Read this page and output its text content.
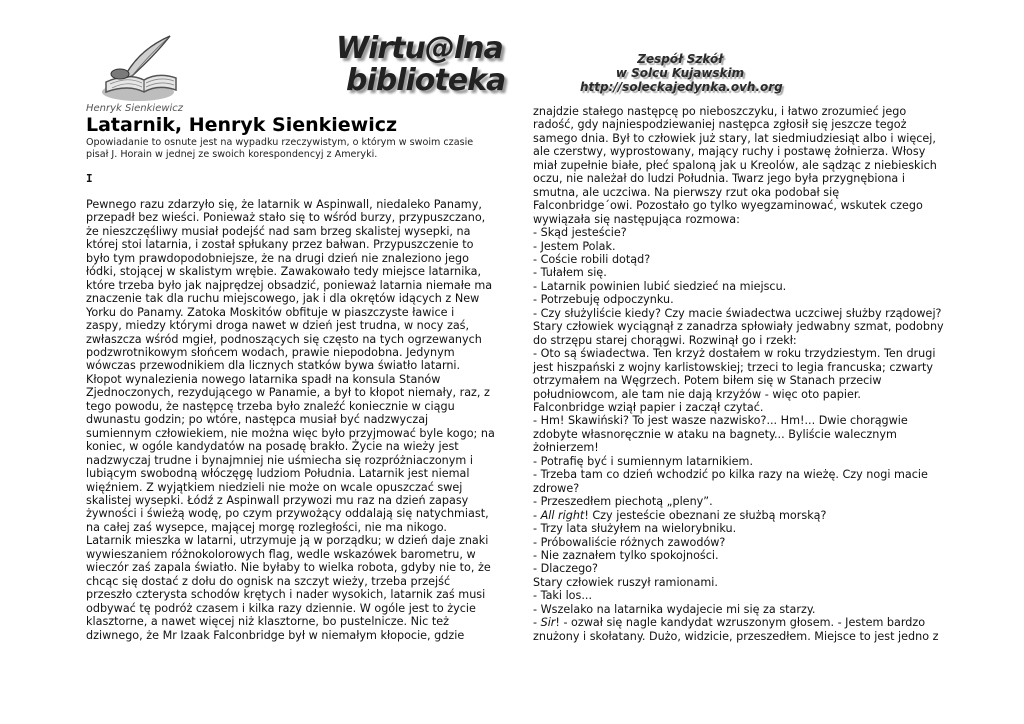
Wirtu@lna
biblioteka
Zespół Szkół
w Solcu Kujawskim
http://soleckajedynka.ovh.org
Henryk Sienkiewicz
Latarnik, Henryk Sienkiewicz
Opowiadanie to osnute jest na wypadku rzeczywistym, o którym w swoim czasie pisał J. Horain w jednej ze swoich korespondencyj z Ameryki.
I
Pewnego razu zdarzyło się, że latarnik w Aspinwall, niedaleko Panamy,
przepadł bez wieści. Ponieważ stało się to wśród burzy, przypuszczano,
że nieszczęśliwy musiał podejść nad sam brzeg skalistej wysepki, na
której stoi latarnia, i został spłukany przez bałwan. Przypuszczenie to
było tym prawdopodobniejsze, że na drugi dzień nie znaleziono jego
łódki, stojącej w skalistym wrębie. Zawakowało tedy miejsce latarnika,
które trzeba było jak najprędzej obsadzić, ponieważ latarnia niemałe ma
znaczenie tak dla ruchu miejscowego, jak i dla okrętów idących z New
Yorku do Panamy. Zatoka Moskitów obfituje w piaszczyste ławice i
zaspy, miedzy którymi droga nawet w dzień jest trudna, w nocy zaś,
zwłaszcza wśród mgieł, podnoszących się często na tych ogrzewanych
podzwrotnikowym słońcem wodach, prawie niepodobna. Jedynym
wówczas przewodnikiem dla licznych statków bywa światło latarni.
Kłopot wynalezienia nowego latarnika spadł na konsula Stanów
Zjednoczonych, rezydującego w Panamie, a był to kłopot niemały, raz, z
tego powodu, że następcę trzeba było znaleźć koniecznie w ciągu
dwunastu godzin; po wtóre, następca musiał być nadzwyczaj
sumiennym człowiekiem, nie można więc było przyjmować byle kogo; na
koniec, w ogóle kandydatów na posadę brakło. Życie na wieży jest
nadzwyczaj trudne i bynajmniej nie uśmiecha się rozpróżniaczonym i
lubiącym swobodną włóczęgę ludziom Południa. Latarnik jest niemal
więźniem. Z wyjątkiem niedzieli nie może on wcale opuszczać swej
skalistej wysepki. Łódź z Aspinwall przywozi mu raz na dzień zapasy
żywności i świeżą wodę, po czym przywożący oddalają się natychmiast,
na całej zaś wysepce, mającej morgę rozległości, nie ma nikogo.
Latarnik mieszka w latarni, utrzymuje ją w porządku; w dzień daje znaki
wywieszaniem różnokolorowych flag, wedle wskazówek barometru, w
wieczór zaś zapala światło. Nie byłaby to wielka robota, gdyby nie to, że
chcąc się dostać z dołu do ognisk na szczyt wieży, trzeba przejść
przeszło czterysta schodów krętych i nader wysokich, latarnik zaś musi
odbywać tę podróż czasem i kilka razy dziennie. W ogóle jest to życie
klasztorne, a nawet więcej niż klasztorne, bo pustelnicze. Nic też
dziwnego, że Mr Izaak Falconbridge był w niemałym kłopocie, gdzie
znajdzie stałego następcę po nieboszczyku, i łatwo zrozumieć jego
radość, gdy najniespodziewaniej następca zgłosił się jeszcze tegoż
samego dnia. Był to człowiek już stary, lat siedmiudziesiąt albo i więcej,
ale czerstwy, wyprostowany, mający ruchy i postawę żołnierza. Włosy
miał zupełnie białe, płeć spaloną jak u Kreolów, ale sądząc z niebieskich
oczu, nie należał do ludzi Południa. Twarz jego była przygnębiona i
smutna, ale uczciwa. Na pierwszy rzut oka podobał się
Falconbridge´owi. Pozostało go tylko wyegzaminować, wskutek czego
wywiązała się następująca rozmowa:
- Skąd jesteście?
- Jestem Polak.
- Coście robili dotąd?
- Tułałem się.
- Latarnik powinien lubić siedzieć na miejscu.
- Potrzebuję odpoczynku.
- Czy służyliście kiedy? Czy macie świadectwa uczciwej służby rządowej?
Stary człowiek wyciągnął z zanadrza spłowiały jedwabny szmat, podobny
do strzępu starej chorągwi. Rozwinął go i rzekł:
- Oto są świadectwa. Ten krzyż dostałem w roku trzydziestym. Ten drugi
jest hiszpański z wojny karlistowskiej; trzeci to legia francuska; czwarty
otrzymałem na Węgrzech. Potem biłem się w Stanach przeciw
południowcom, ale tam nie dają krzyżów - więc oto papier.
Falconbridge wziął papier i zaczął czytać.
- Hm! Skawiński? To jest wasze nazwisko?... Hm!... Dwie chorągwie
zdobyte własnoręcznie w ataku na bagnety... Byliście walecznym
żołnierzem!
- Potrafię być i sumiennym latarnikiem.
- Trzeba tam co dzień wchodzić po kilka razy na wieżę. Czy nogi macie
zdrowe?
- Przeszedłem piechotą „pleny”.
- All right! Czy jesteście obeznani ze służbą morską?
- Trzy lata służyłem na wielorybniku.
- Próbowaliście różnych zawodów?
- Nie zaznałem tylko spokojności.
- Dlaczego?
Stary człowiek ruszył ramionami.
- Taki los...
- Wszelako na latarnika wydajecie mi się za starzy.
- Sir! - ozwał się nagle kandydat wzruszonym głosem. - Jestem bardzo
znużony i skołatany. Dużo, widzicie, przeszedłem. Miejsce to jest jedno z
